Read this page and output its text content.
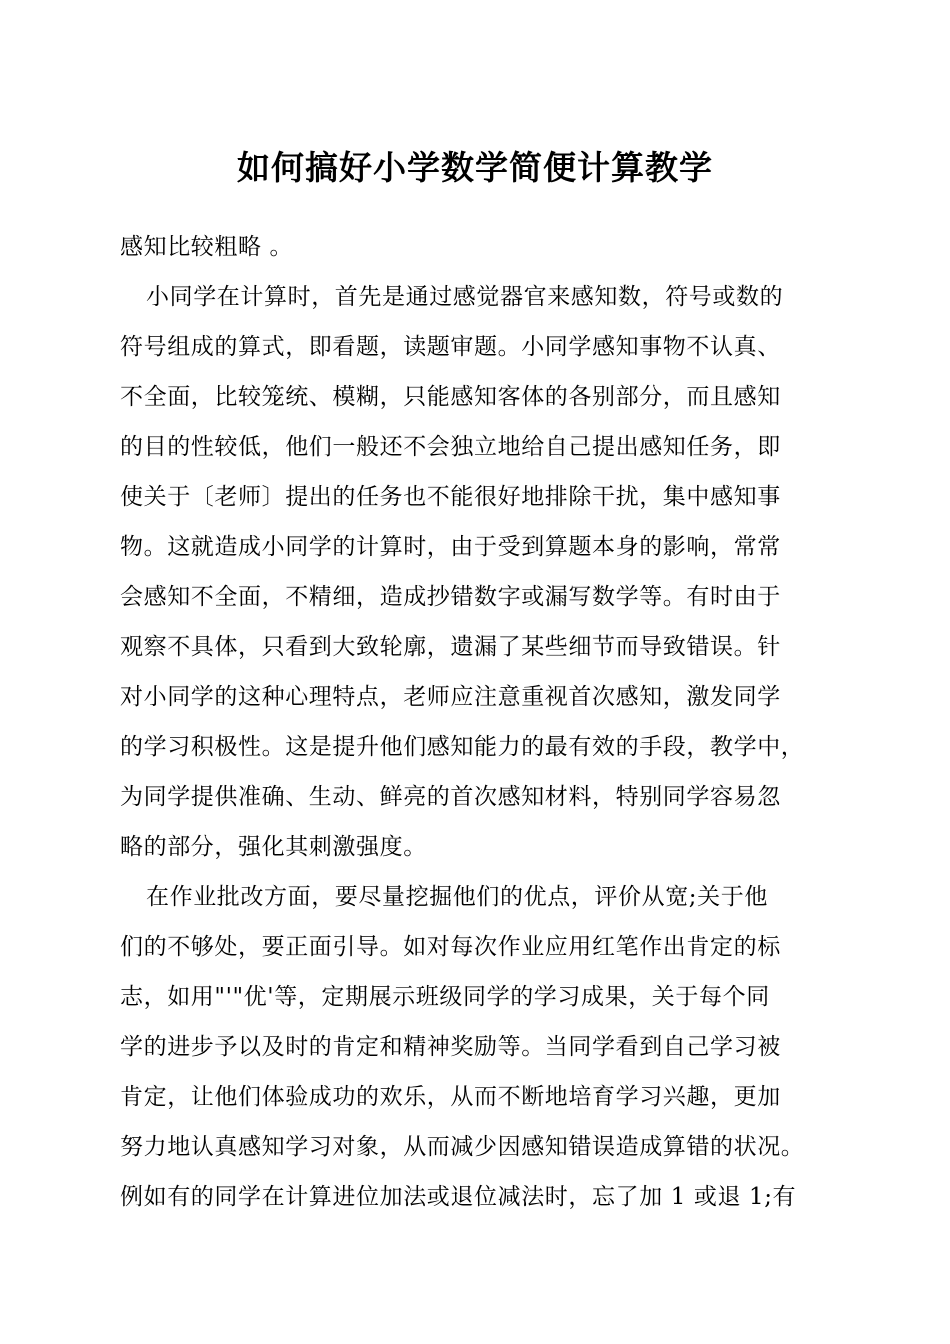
如何搞好小学数学简便计算教学
感知比较粗略 。
小同学在计算时，首先是通过感觉器官来感知数，符号或数的
符号组成的算式，即看题，读题审题。小同学感知事物不认真、
不全面，比较笼统、模糊，只能感知客体的各别部分，而且感知
的目的性较低，他们一般还不会独立地给自己提出感知任务，即
使关于〔老师〕提出的任务也不能很好地排除干扰，集中感知事
物。这就造成小同学的计算时，由于受到算题本身的影响，常常
会感知不全面，不精细，造成抄错数字或漏写数学等。有时由于
观察不具体，只看到大致轮廓，遗漏了某些细节而导致错误。针
对小同学的这种心理特点，老师应注意重视首次感知，激发同学
的学习积极性。这是提升他们感知能力的最有效的手段，教学中，
为同学提供准确、生动、鲜亮的首次感知材料，特别同学容易忽
略的部分，强化其刺激强度。
在作业批改方面，要尽量挖掘他们的优点，评价从宽;关于他
们的不够处，要正面引导。如对每次作业应用红笔作出肯定的标
志，如用"'"优'等，定期展示班级同学的学习成果，关于每个同
学的进步予以及时的肯定和精神奖励等。当同学看到自己学习被
肯定，让他们体验成功的欢乐，从而不断地培育学习兴趣，更加
努力地认真感知学习对象，从而减少因感知错误造成算错的状况。
例如有的同学在计算进位加法或退位减法时，忘了加 1 或退 1;有
